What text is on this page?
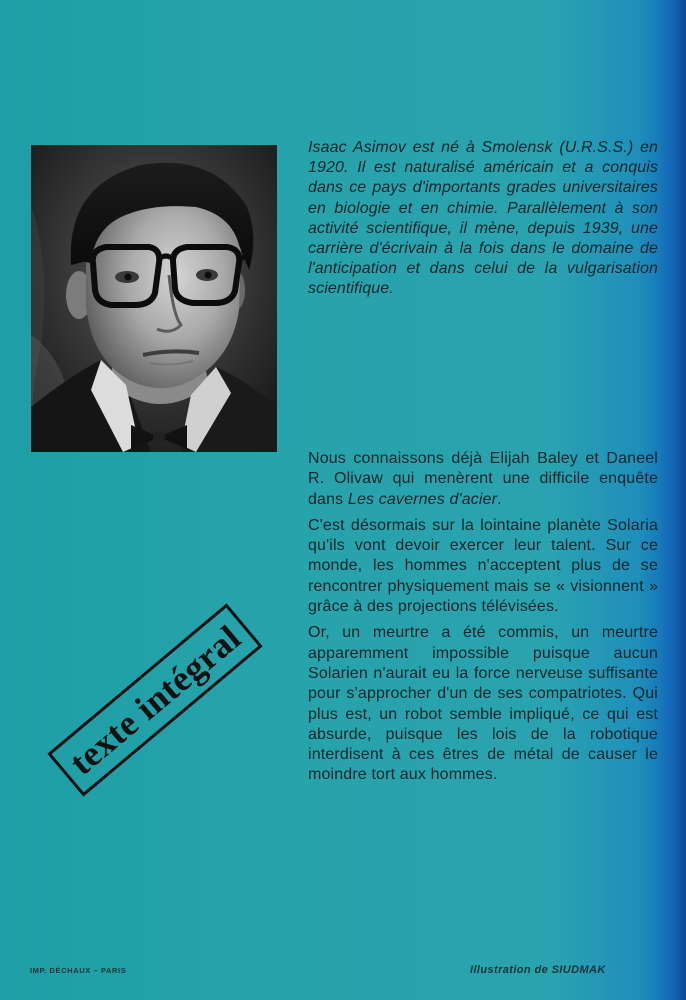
Isaac Asimov est né à Smolensk (U.R.S.S.) en 1920. Il est naturalisé américain et a conquis dans ce pays d'importants grades universitaires en biologie et en chimie. Parallèlement à son activité scientifique, il mène, depuis 1939, une carrière d'écrivain à la fois dans le domaine de l'anticipation et dans celui de la vulgarisation scientifique.

Nous connaissons déjà Elijah Baley et Daneel R. Olivaw qui menèrent une difficile enquête dans Les cavernes d'acier.

C'est désormais sur la lointaine planète Solaria qu'ils vont devoir exercer leur talent. Sur ce monde, les hommes n'acceptent plus de se rencontrer physiquement mais se « visionnent » grâce à des projections télévisées.

Or, un meurtre a été commis, un meurtre apparemment impossible puisque aucun Solarien n'aurait eu la force nerveuse suffisante pour s'approcher d'un de ses compatriotes. Qui plus est, un robot semble impliqué, ce qui est absurde, puisque les lois de la robotique interdisent à ces êtres de métal de causer le moindre tort aux hommes.

texte intégral
IMP. DÉCHAUX – PARIS	Illustration de SIUDMAK
